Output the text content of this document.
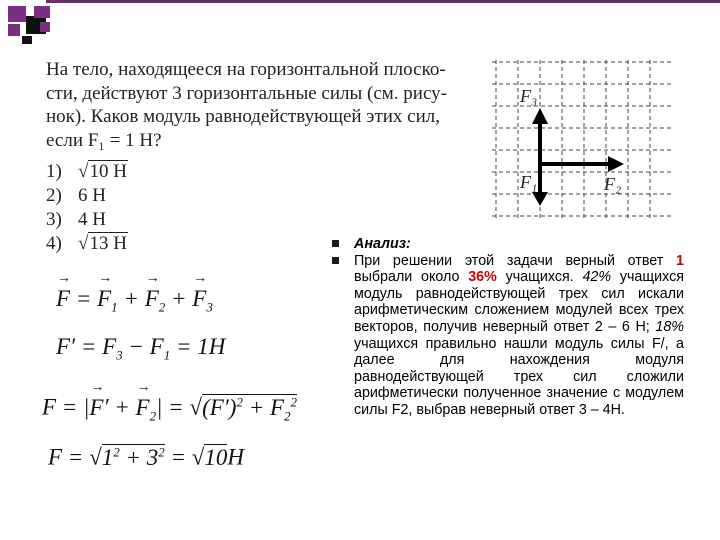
На тело, находящееся на горизонтальной плоско-
сти, действуют 3 горизонтальные силы (см. рису-
нок). Каков модуль равнодействующей этих сил,
если F₁ = 1 Н?
1) √10 Н
2) 6 Н
3) 4 Н
4) √13 Н
F₃
F₁	F₂
Анализ:
При решении этой задачи верный ответ 1 выбрали около 36% учащихся. 42% учащихся модуль равнодействующей трех сил искали арифметическим сложением модулей всех трех векторов, получив неверный ответ 2 – 6 Н; 18% учащихся правильно нашли модуль силы F/, а далее для нахождения модуля равнодействующей трех сил сложили арифметически полученное значение с модулем силы F2, выбрав неверный ответ 3 – 4Н.
→ F = → $F_1$ + → $F_2$ + → $F_3$
$F' = F_3 - F_1 = 1H$
F = |→ F′ + → $F_2| = √(F')^2 + F_2^2$
$F = √1^2 + 3^2 = √10H$
